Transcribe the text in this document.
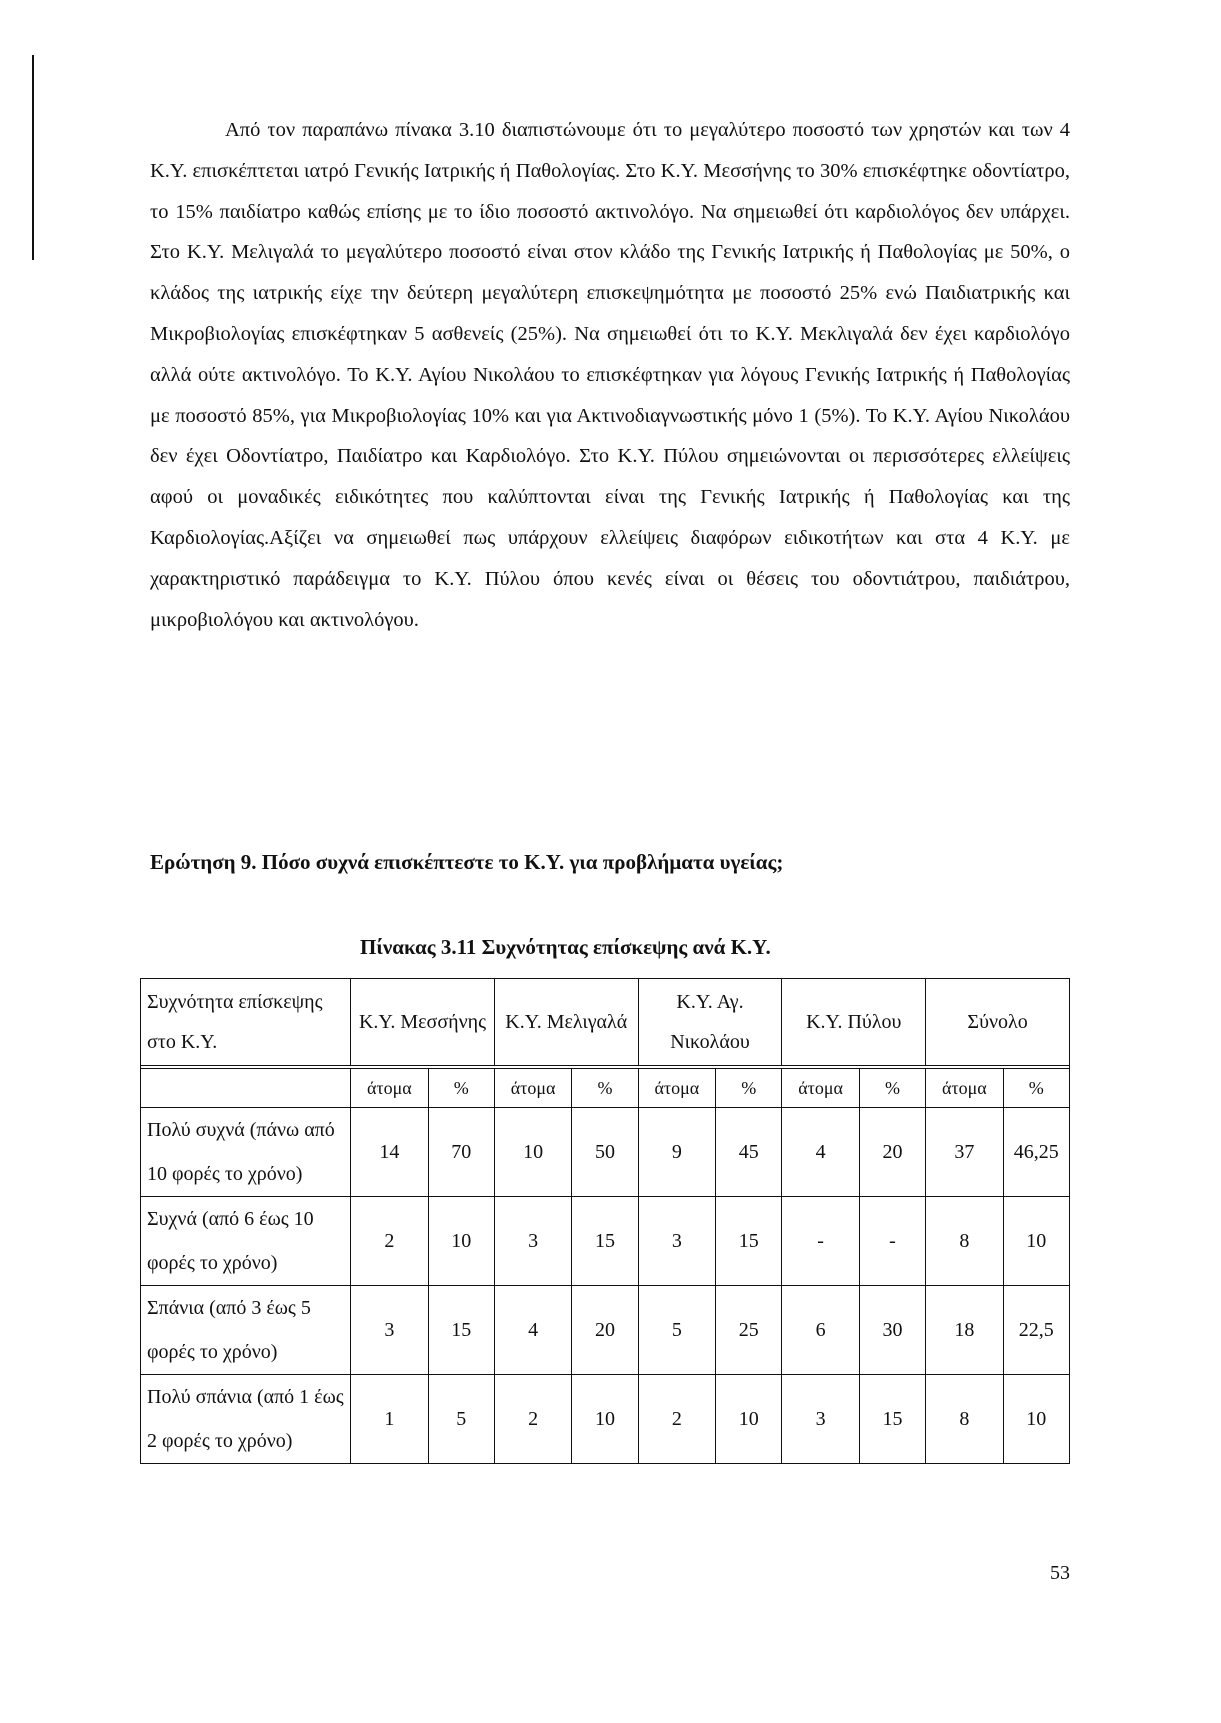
Από τον παραπάνω πίνακα 3.10 διαπιστώνουμε ότι το μεγαλύτερο ποσοστό των χρηστών και των 4 Κ.Υ. επισκέπτεται ιατρό Γενικής Ιατρικής ή Παθολογίας. Στο Κ.Υ. Μεσσήνης το 30% επισκέφτηκε οδοντίατρο, το 15% παιδίατρο καθώς επίσης με το ίδιο ποσοστό ακτινολόγο. Να σημειωθεί ότι καρδιολόγος δεν υπάρχει. Στο Κ.Υ. Μελιγαλά το μεγαλύτερο ποσοστό είναι στον κλάδο της Γενικής Ιατρικής ή Παθολογίας με 50%, ο κλάδος της ιατρικής είχε την δεύτερη μεγαλύτερη επισκεψημότητα με ποσοστό 25% ενώ Παιδιατρικής και Μικροβιολογίας επισκέφτηκαν 5 ασθενείς (25%). Να σημειωθεί ότι το Κ.Υ. Μεκλιγαλά δεν έχει καρδιολόγο αλλά ούτε ακτινολόγο. Το Κ.Υ. Αγίου Νικολάου το επισκέφτηκαν για λόγους Γενικής Ιατρικής ή Παθολογίας με ποσοστό 85%, για Μικροβιολογίας 10% και για Ακτινοδιαγνωστικής μόνο 1 (5%). Το Κ.Υ. Αγίου Νικολάου δεν έχει Οδοντίατρο, Παιδίατρο και Καρδιολόγο. Στο Κ.Υ. Πύλου σημειώνονται οι περισσότερες ελλείψεις αφού οι μοναδικές ειδικότητες που καλύπτονται είναι της Γενικής Ιατρικής ή Παθολογίας και της Καρδιολογίας.Αξίζει να σημειωθεί πως υπάρχουν ελλείψεις διαφόρων ειδικοτήτων και στα 4 Κ.Υ. με χαρακτηριστικό παράδειγμα το Κ.Υ. Πύλου όπου κενές είναι οι θέσεις του οδοντιάτρου, παιδιάτρου, μικροβιολόγου και ακτινολόγου.

Ερώτηση 9. Πόσο συχνά επισκέπτεστε το Κ.Υ. για προβλήματα υγείας;

Πίνακας 3.11 Συχνότητας επίσκεψης ανά Κ.Υ.

Συχνότητα επίσκεψης στο Κ.Υ.	Κ.Υ. Μεσσήνης		Κ.Υ. Μελιγαλά		Κ.Υ. Αγ. Νικολάου		Κ.Υ. Πύλου		Σύνολο	

	άτομα	%	άτομα	%	άτομα	%	άτομα	%	άτομα	%
Πολύ συχνά (πάνω από 10 φορές το χρόνο)	14	70	10	50	9	45	4	20	37	46,25
Συχνά (από 6 έως 10 φορές το χρόνο)	2	10	3	15	3	15	-	-	8	10
Σπάνια (από 3 έως 5 φορές το χρόνο)	3	15	4	20	5	25	6	30	18	22,5
Πολύ σπάνια (από 1 έως 2 φορές το χρόνο)	1	5	2	10	2	10	3	15	8	10

53
